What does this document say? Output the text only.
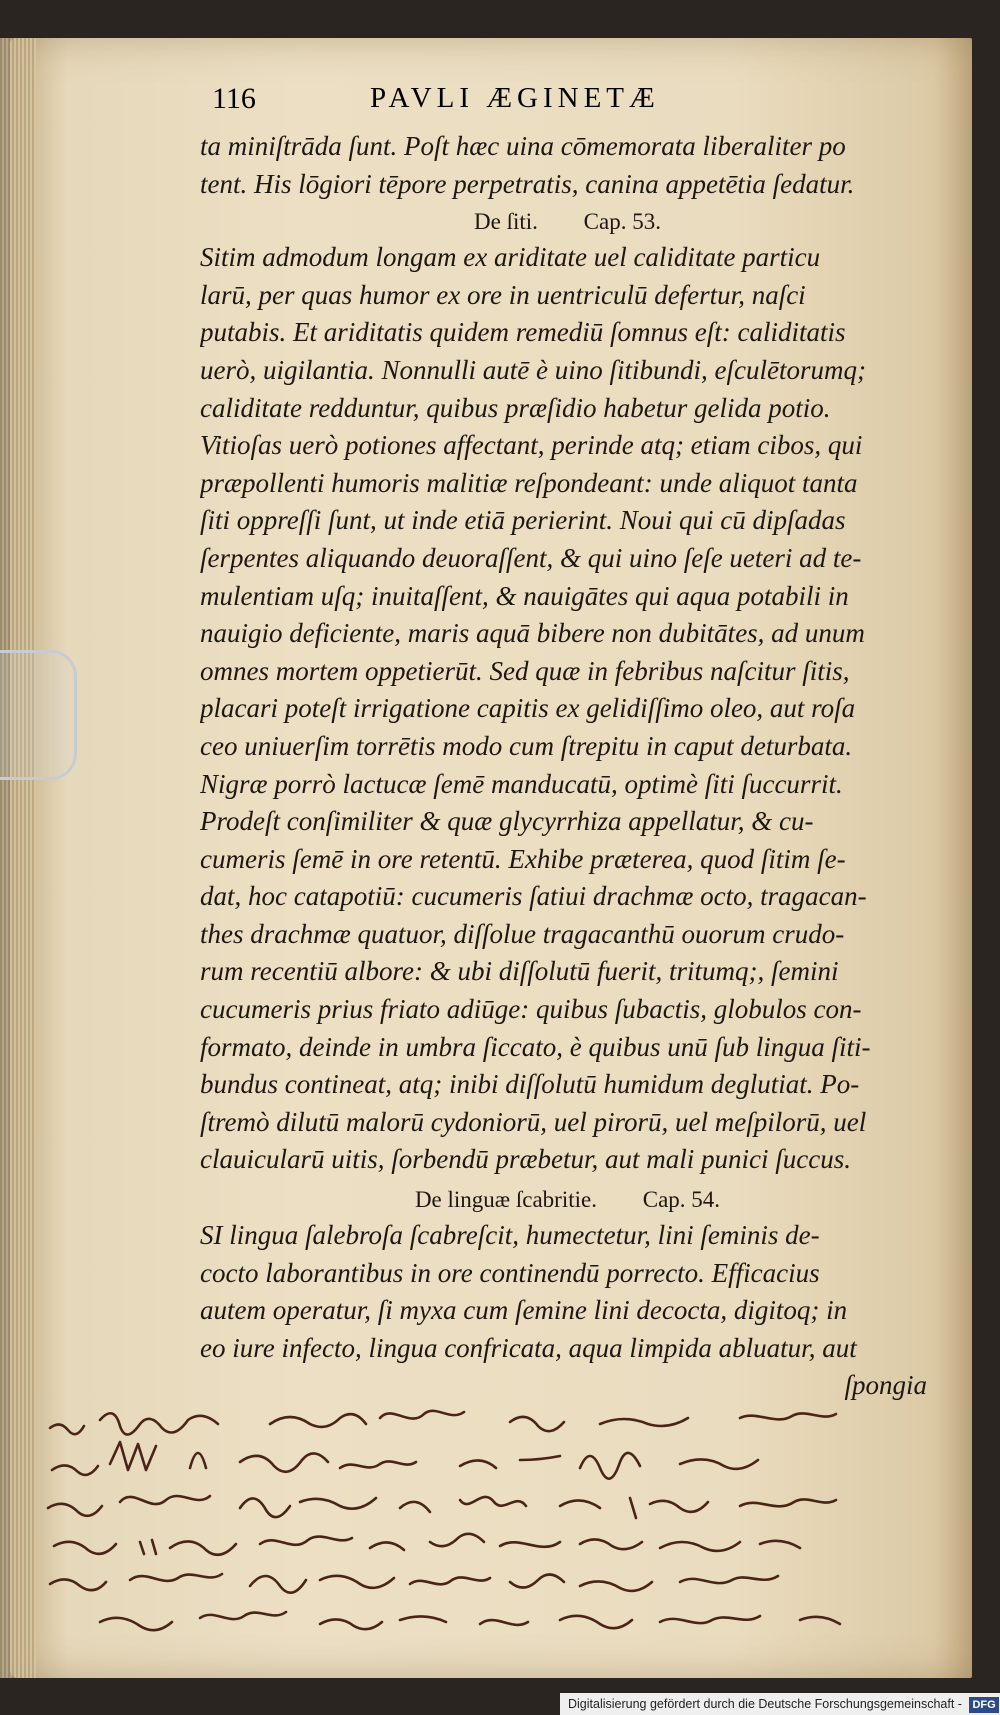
116	PAVLI ÆGINETÆ
ta miniſtrāda ſunt. Poſt hæc uina cōmemorata liberaliter po
tent. His lōgiori tēpore perpetratis, canina appetētia ſedatur.
De ſiti. Cap. 53.
Sitim admodum longam ex ariditate uel caliditate particu
larū, per quas humor ex ore in uentriculū defertur, naſci
putabis. Et ariditatis quidem remediū ſomnus eſt: caliditatis
uerò, uigilantia. Nonnulli autē è uino ſitibundi, eſculētorumq;
caliditate redduntur, quibus præſidio habetur gelida potio.
Vitioſas uerò potiones affectant, perinde atq; etiam cibos, qui
præpollenti humoris malitiæ reſpondeant: unde aliquot tanta
ſiti oppreſſi ſunt, ut inde etiā perierint. Noui qui cū dipſadas
ſerpentes aliquando deuoraſſent, & qui uino ſeſe ueteri ad te-
mulentiam uſq; inuitaſſent, & nauigātes qui aqua potabili in
nauigio deficiente, maris aquā bibere non dubitātes, ad unum
omnes mortem oppetierūt. Sed quæ in febribus naſcitur ſitis,
placari poteſt irrigatione capitis ex gelidiſſimo oleo, aut roſa
ceo uniuerſim torrētis modo cum ſtrepitu in caput deturbata.
Nigræ porrò lactucæ ſemē manducatū, optimè ſiti ſuccurrit.
Prodeſt conſimiliter & quæ glycyrrhiza appellatur, & cu-
cumeris ſemē in ore retentū. Exhibe præterea, quod ſitim ſe-
dat, hoc catapotiū: cucumeris ſatiui drachmæ octo, tragacan-
thes drachmæ quatuor, diſſolue tragacanthū ouorum crudo-
rum recentiū albore: & ubi diſſolutū fuerit, tritumq;, ſemini
cucumeris prius friato adiūge: quibus ſubactis, globulos con-
formato, deinde in umbra ſiccato, è quibus unū ſub lingua ſiti-
bundus contineat, atq; inibi diſſolutū humidum deglutiat. Po-
ſtremò dilutū malorū cydoniorū, uel pirorū, uel meſpilorū, uel
clauicularū uitis, ſorbendū præbetur, aut mali punici ſuccus.
De linguæ ſcabritie. Cap. 54.
SI lingua ſalebroſa ſcabreſcit, humectetur, lini ſeminis de-
cocto laborantibus in ore continendū porrecto. Efficacius
autem operatur, ſi myxa cum ſemine lini decocta, digitoq; in
eo iure infecto, lingua confricata, aqua limpida abluatur, aut
ſpongia
Digitalisierung gefördert durch die Deutsche Forschungsgemeinschaft - DFG
